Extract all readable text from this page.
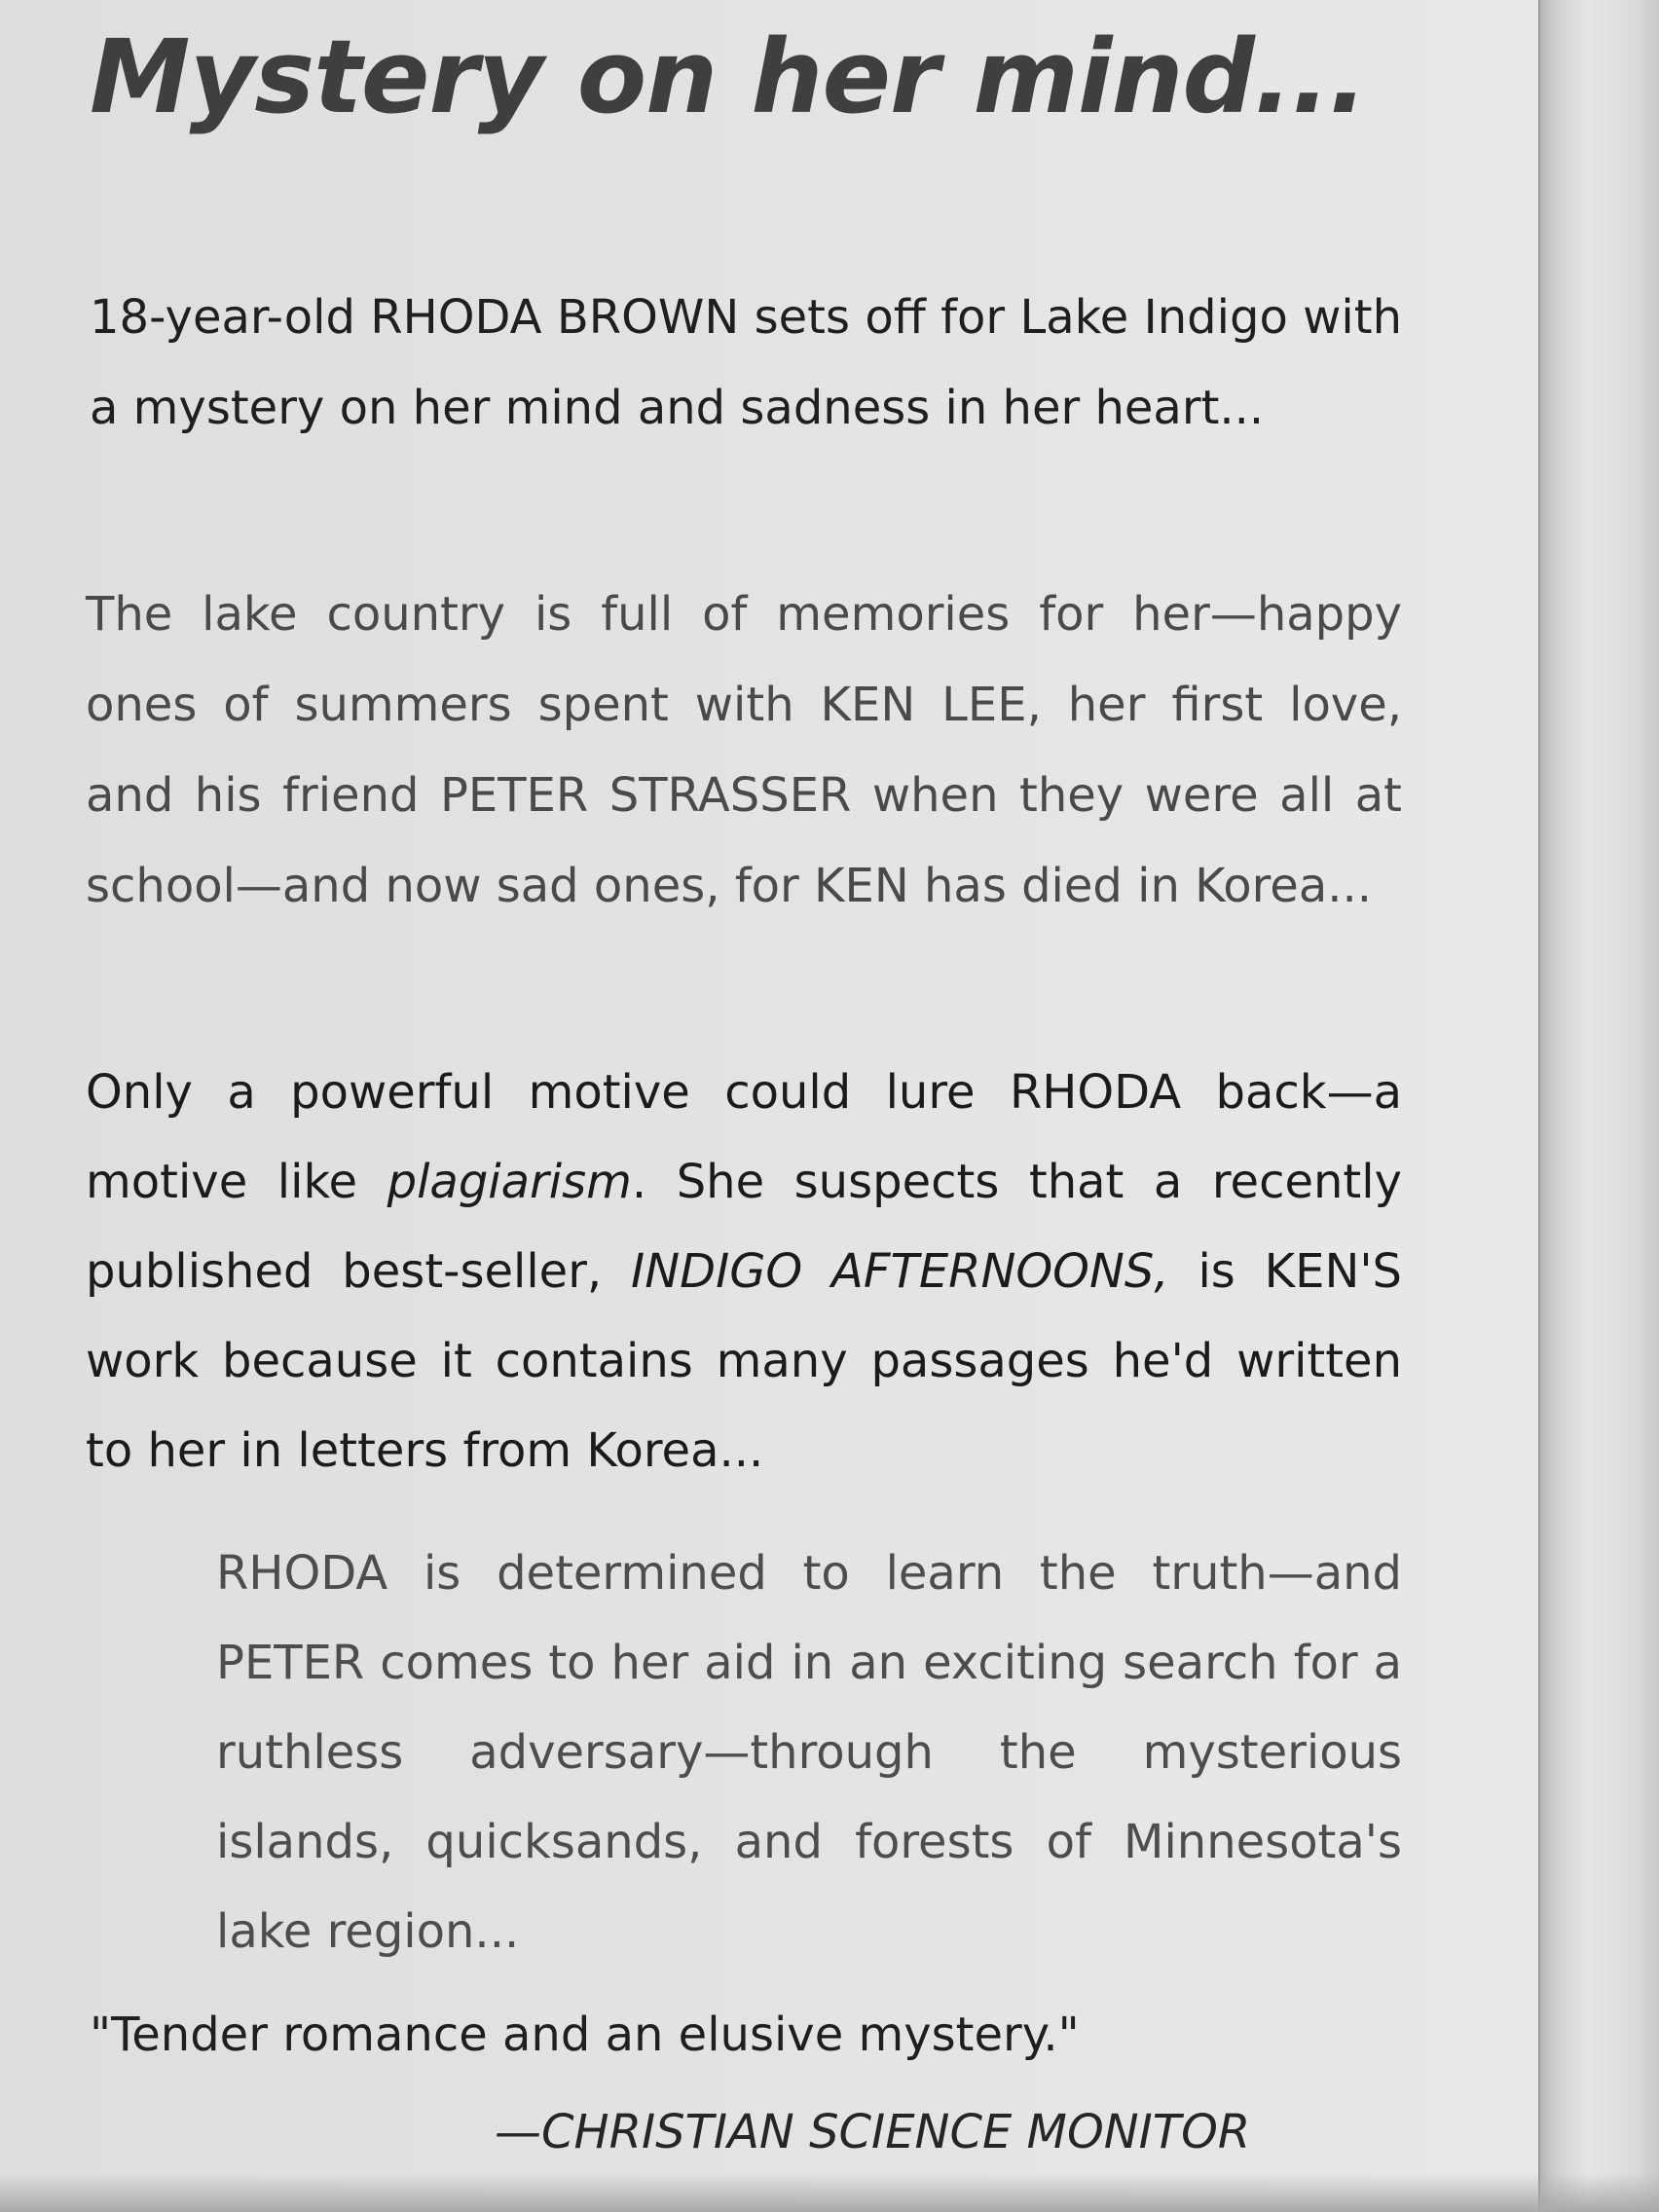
Mystery on her mind...

18-year-old RHODA BROWN sets off for Lake Indigo with a mystery on her mind and sadness in her heart...

The lake country is full of memories for her—happy ones of summers spent with KEN LEE, her first love, and his friend PETER STRASSER when they were all at school—and now sad ones, for KEN has died in Korea...

Only a powerful motive could lure RHODA back—a motive like plagiarism. She suspects that a recently published best-seller, INDIGO AFTERNOONS, is KEN'S work because it contains many passages he'd written to her in letters from Korea...

RHODA is determined to learn the truth—and PETER comes to her aid in an exciting search for a ruthless adversary—through the mysterious islands, quicksands, and forests of Minnesota's lake region...

"Tender romance and an elusive mystery."
—CHRISTIAN SCIENCE MONITOR
